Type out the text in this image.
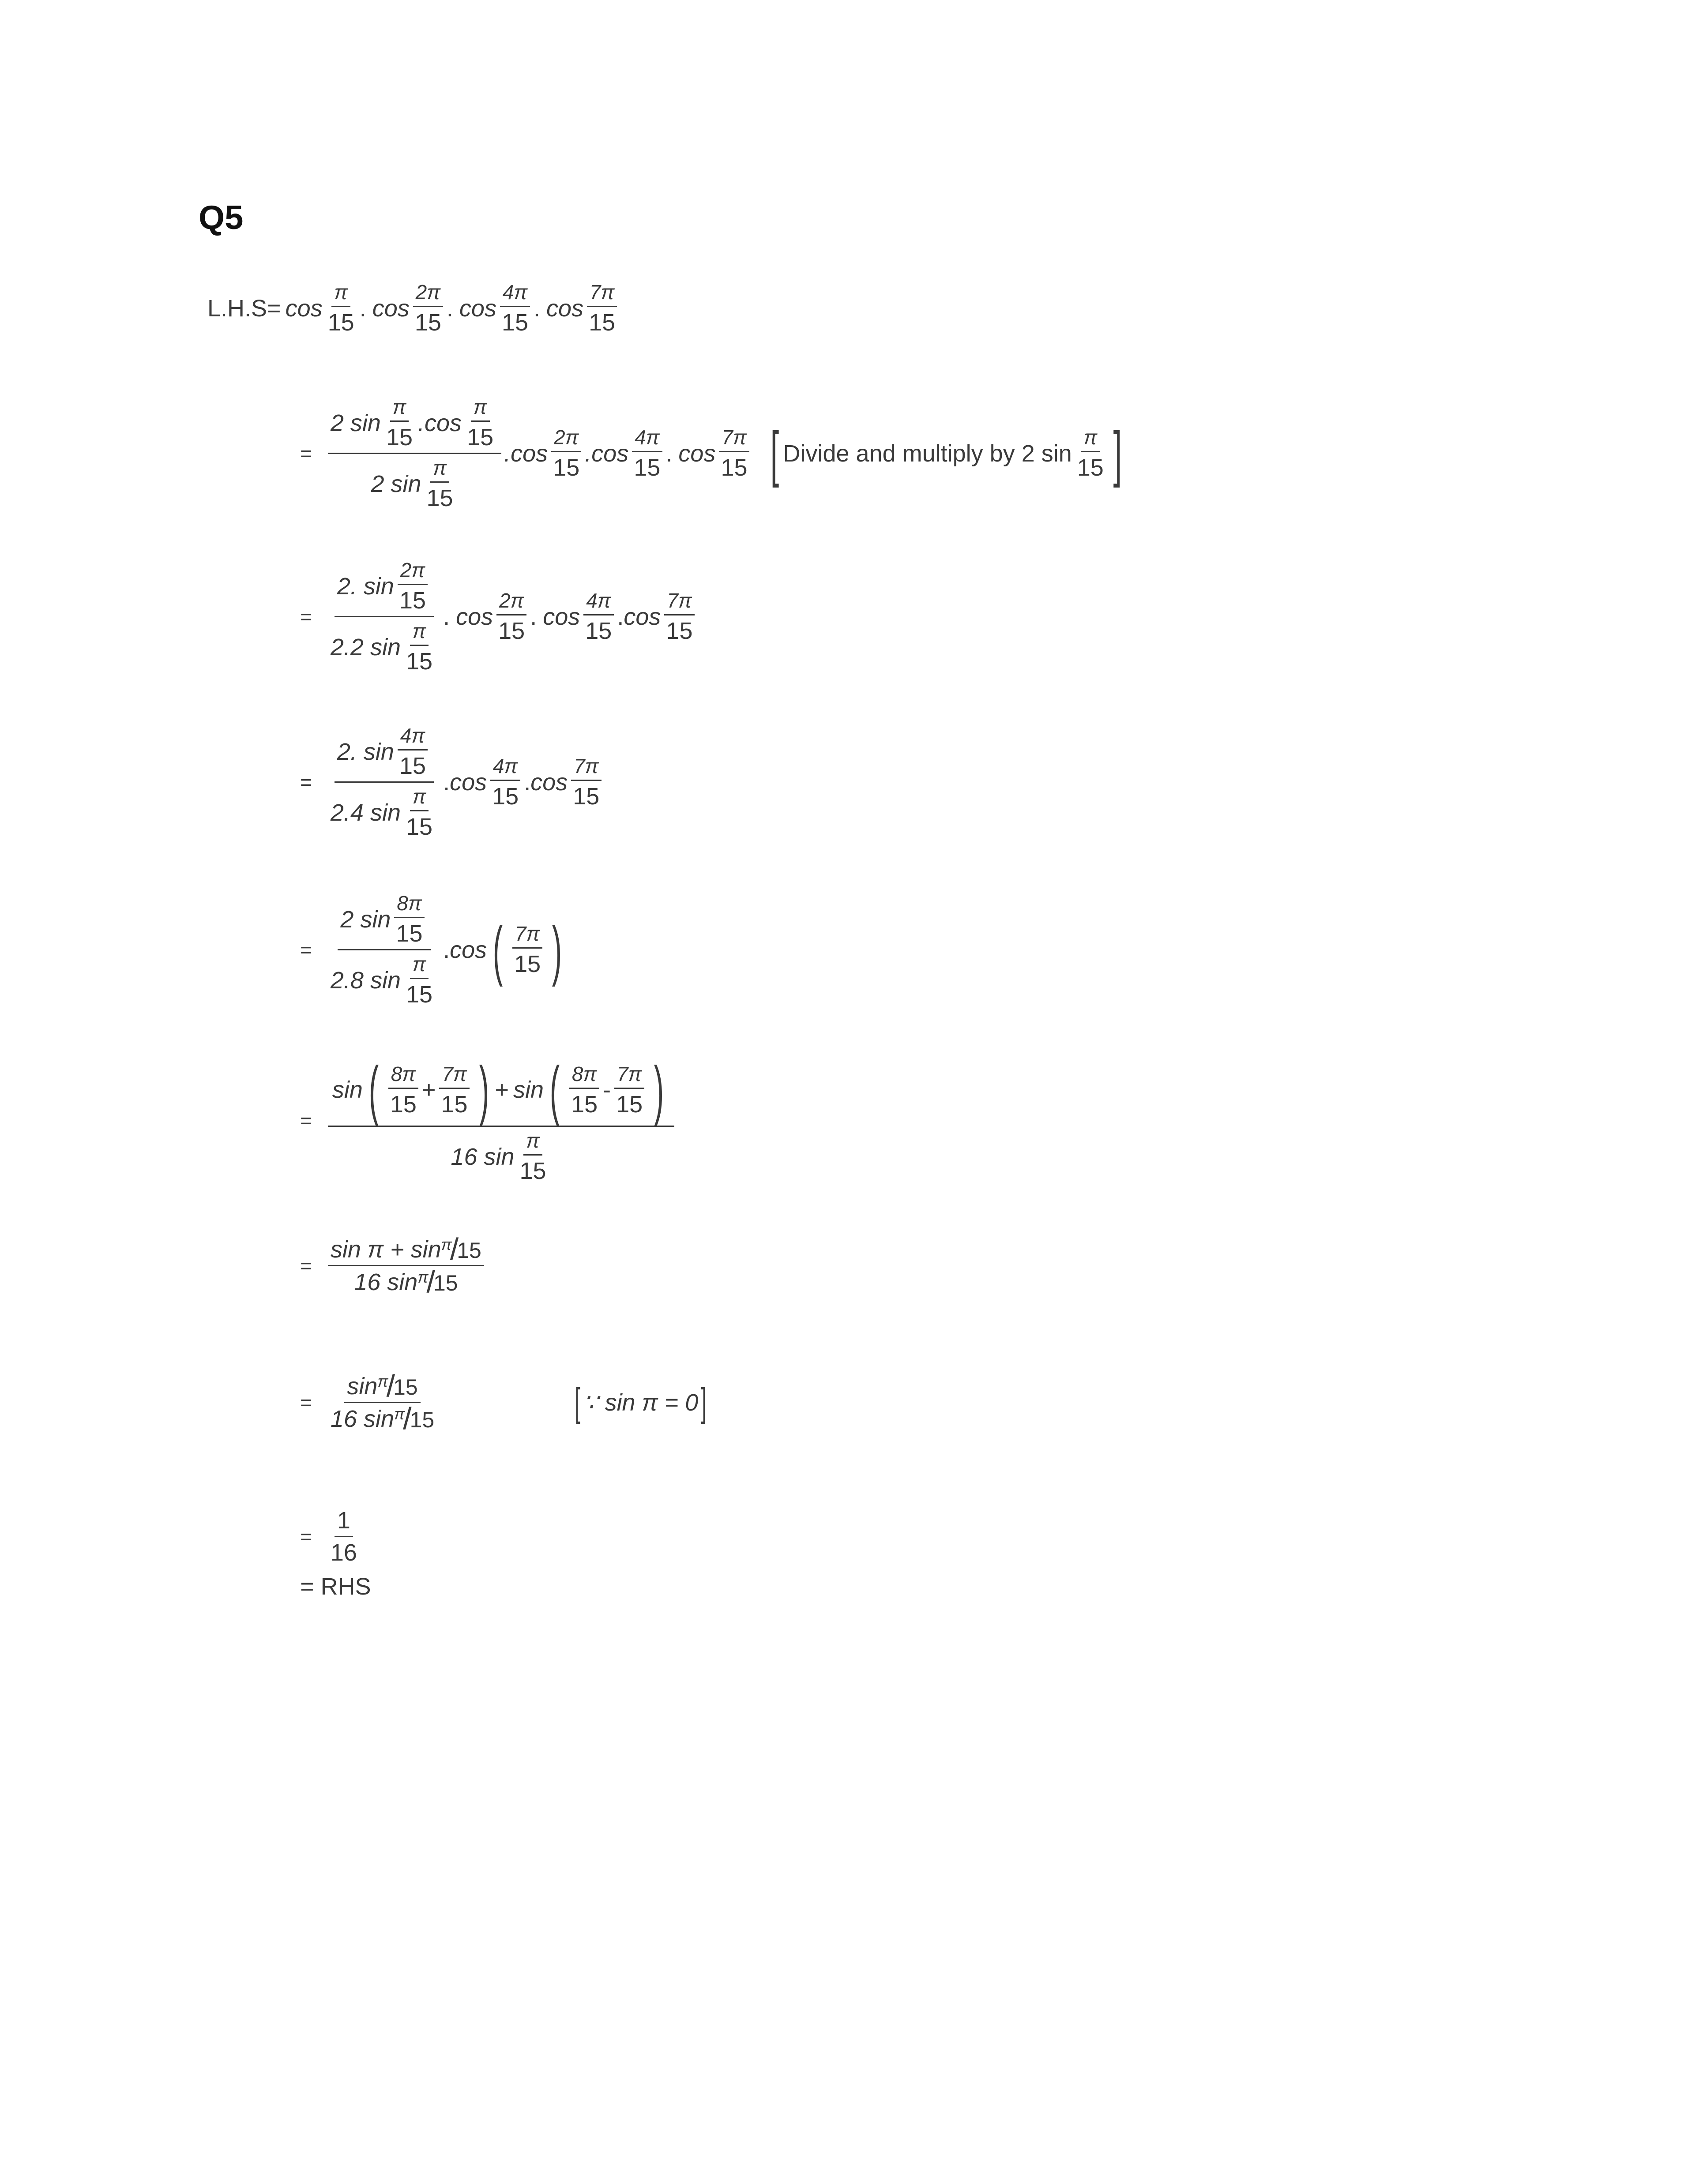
Q5
$L.H.S= \cos \frac{\pi}{15}$ . $\cos \frac{2\pi}{15}$ . $\cos \frac{4\pi}{15}$ . $\cos \frac{7\pi}{15}$
= $\frac{2 \sin \frac{\pi}{15} .\cos \frac{\pi}{15}}{2 \sin \frac{\pi}{15}} .\cos \frac{2\pi}{15} .\cos \frac{4\pi}{15}$ . $\cos \frac{7\pi}{15}$ [ Divide and multiply by 2 $\sin \frac{\pi}{15}$ ]
= $\frac{2. \sin \frac{2\pi}{15}}{2.2 \sin \frac{\pi}{15}}$ . $\cos \frac{2\pi}{15}$ . $\cos \frac{4\pi}{15}$ . $\cos \frac{7\pi}{15}$
= $\frac{2. \sin \frac{4\pi}{15}}{2.4 \sin \frac{\pi}{15}}$ . $\cos \frac{4\pi}{15}$ . $\cos \frac{7\pi}{15}$
= $\frac{2 \sin \frac{8\pi}{15}}{2.8 \sin \frac{\pi}{15}}$ . cos ( $\frac{7\pi}{15}$ )
=
sin ( $\frac{8\pi}{15} + \frac{7\pi}{15}$ ) + sin ( $\frac{8\pi}{15} - \frac{7\pi}{15}$ )
16 $\sin \frac{\pi}{15}$
= sin π + sin π
/
15
16 sin π
/
15
= sin π
/
15
16 sin π
/
15	[ ∵ sin π = 0 ]
= $\frac{1}{16}$
= RHS
